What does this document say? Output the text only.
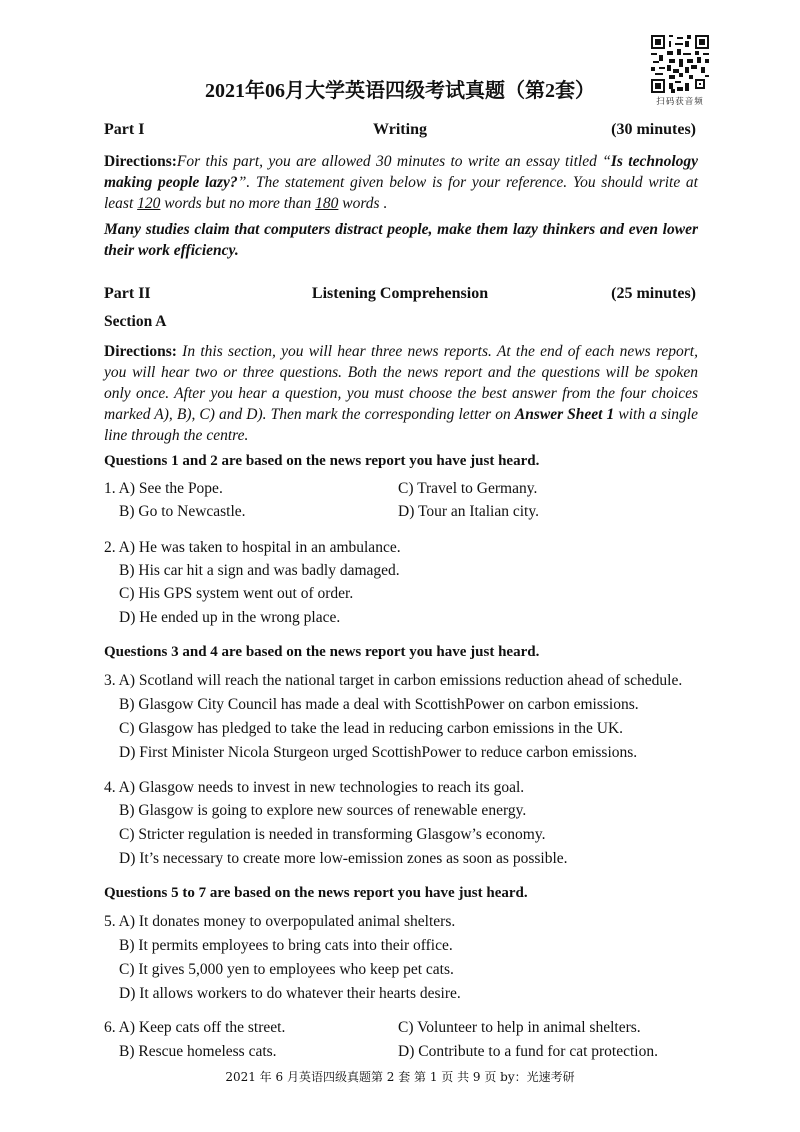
扫码获音频
2021年06月大学英语四级考试真题（第2套）
Part I	Writing	(30 minutes)
Directions:For this part, you are allowed 30 minutes to write an essay titled “Is technology making people lazy?”. The statement given below is for your reference. You should write at least 120 words but no more than 180 words .
Many studies claim that computers distract people, make them lazy thinkers and even lower their work efficiency.
Part II	Listening Comprehension	(25 minutes)
Section A
Directions: In this section, you will hear three news reports. At the end of each news report, you will hear two or three questions. Both the news report and the questions will be spoken only once. After you hear a question, you must choose the best answer from the four choices marked A), B), C) and D). Then mark the corresponding letter on Answer Sheet 1 with a single line through the centre.
Questions 1 and 2 are based on the news report you have just heard.
1. A) See the Pope.	C) Travel to Germany.
B) Go to Newcastle.	D) Tour an Italian city.
2. A) He was taken to hospital in an ambulance.
B) His car hit a sign and was badly damaged.
C) His GPS system went out of order.
D) He ended up in the wrong place.
Questions 3 and 4 are based on the news report you have just heard.
3. A) Scotland will reach the national target in carbon emissions reduction ahead of schedule.
B) Glasgow City Council has made a deal with ScottishPower on carbon emissions.
C) Glasgow has pledged to take the lead in reducing carbon emissions in the UK.
D) First Minister Nicola Sturgeon urged ScottishPower to reduce carbon emissions.
4. A) Glasgow needs to invest in new technologies to reach its goal.
B) Glasgow is going to explore new sources of renewable energy.
C) Stricter regulation is needed in transforming Glasgow’s economy.
D) It’s necessary to create more low-emission zones as soon as possible.
Questions 5 to 7 are based on the news report you have just heard.
5. A) It donates money to overpopulated animal shelters.
B) It permits employees to bring cats into their office.
C) It gives 5,000 yen to employees who keep pet cats.
D) It allows workers to do whatever their hearts desire.
6. A) Keep cats off the street.	C) Volunteer to help in animal shelters.
B) Rescue homeless cats.	D) Contribute to a fund for cat protection.
2021 年 6 月英语四级真题第 2 套 第 1 页 共 9 页 by：光速考研
